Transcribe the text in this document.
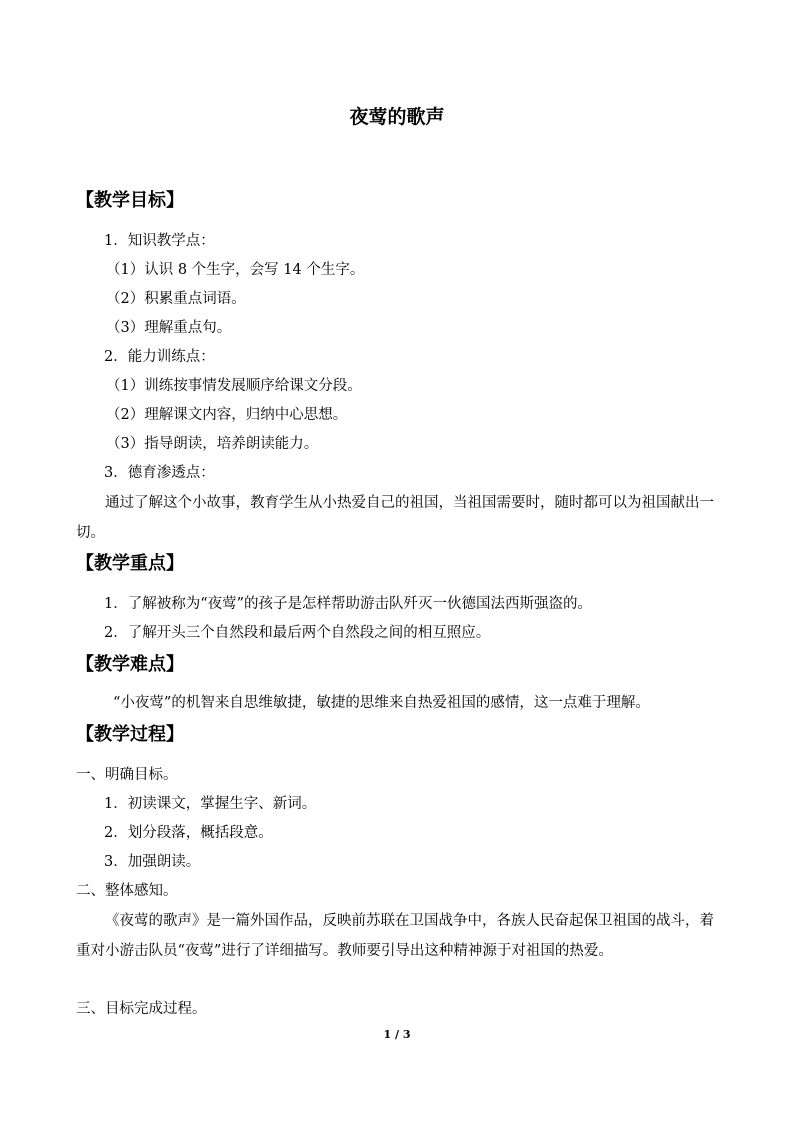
夜莺的歌声
【教学目标】
1．知识教学点：
（1）认识 8 个生字，会写 14 个生字。
（2）积累重点词语。
（3）理解重点句。
2．能力训练点：
（1）训练按事情发展顺序给课文分段。
（2）理解课文内容，归纳中心思想。
（3）指导朗读，培养朗读能力。
3．德育渗透点：
通过了解这个小故事，教育学生从小热爱自己的祖国，当祖国需要时，随时都可以为祖国献出一切。
【教学重点】
1．了解被称为“夜莺”的孩子是怎样帮助游击队歼灭一伙德国法西斯强盗的。
2．了解开头三个自然段和最后两个自然段之间的相互照应。
【教学难点】
“小夜莺”的机智来自思维敏捷，敏捷的思维来自热爱祖国的感情，这一点难于理解。
【教学过程】
一、明确目标。
1．初读课文，掌握生字、新词。
2．划分段落，概括段意。
3．加强朗读。
二、整体感知。
《夜莺的歌声》是一篇外国作品，反映前苏联在卫国战争中，各族人民奋起保卫祖国的战斗，着重对小游击队员“夜莺”进行了详细描写。教师要引导出这种精神源于对祖国的热爱。
三、目标完成过程。
1 / 3
